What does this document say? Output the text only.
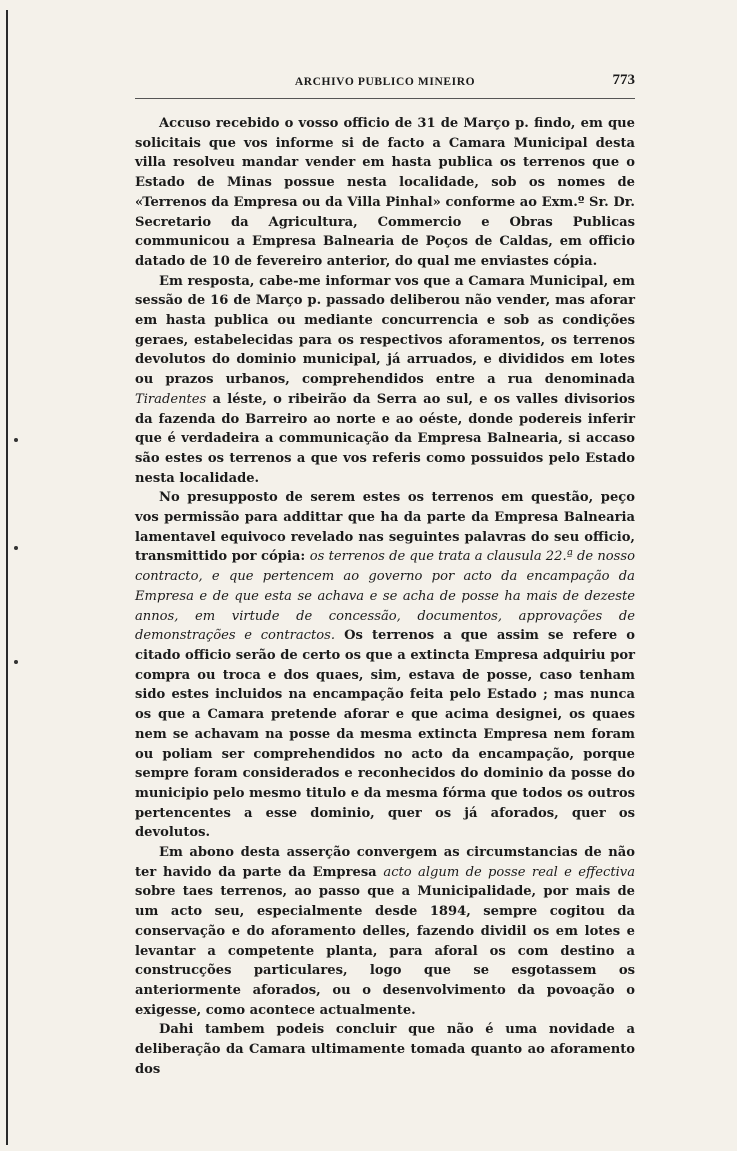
ARCHIVO PUBLICO MINEIRO	773

Accuso recebido o vosso officio de 31 de Março p. findo, em que solicitais que vos informe si de facto a Camara Municipal desta villa resolveu mandar vender em hasta publica os terrenos que o Estado de Minas possue nesta localidade, sob os nomes de «Terrenos da Empresa ou da Villa Pinhal» conforme ao Exm.º Sr. Dr. Secretario da Agricultura, Commercio e Obras Publicas communicou a Empresa Balnearia de Poços de Caldas, em officio datado de 10 de fevereiro anterior, do qual me enviastes cópia.

Em resposta, cabe-me informar vos que a Camara Municipal, em sessão de 16 de Março p. passado deliberou não vender, mas aforar em hasta publica ou mediante concurrencia e sob as condições geraes, estabelecidas para os respectivos aforamentos, os terrenos devolutos do dominio municipal, já arruados, e divididos em lotes ou prazos urbanos, comprehendidos entre a rua denominada Tiradentes a léste, o ribeirão da Serra ao sul, e os valles divisorios da fazenda do Barreiro ao norte e ao oéste, donde podereis inferir que é verdadeira a communicação da Empresa Balnearia, si accaso são estes os terrenos a que vos referis como possuidos pelo Estado nesta localidade.

No presupposto de serem estes os terrenos em questão, peço vos permissão para addittar que ha da parte da Empresa Balnearia lamentavel equivoco revelado nas seguintes palavras do seu officio, transmittido por cópia: os terrenos de que trata a clausula 22.ª de nosso contracto, e que pertencem ao governo por acto da encampação da Empresa e de que esta se achava e se acha de posse ha mais de dezeste annos, em virtude de concessão, documentos, approvações de demonstrações e contractos. Os terrenos a que assim se refere o citado officio serão de certo os que a extincta Empresa adquiriu por compra ou troca e dos quaes, sim, estava de posse, caso tenham sido estes incluidos na encampação feita pelo Estado ; mas nunca os que a Camara pretende aforar e que acima designei, os quaes nem se achavam na posse da mesma extincta Empresa nem foram ou poliam ser comprehendidos no acto da encampação, porque sempre foram considerados e reconhecidos do dominio da posse do municipio pelo mesmo titulo e da mesma fórma que todos os outros pertencentes a esse dominio, quer os já aforados, quer os devolutos.

Em abono desta asserção convergem as circumstancias de não ter havido da parte da Empresa acto algum de posse real e effectiva sobre taes terrenos, ao passo que a Municipalidade, por mais de um acto seu, especialmente desde 1894, sempre cogitou da conservação e do aforamento delles, fazendo dividil os em lotes e levantar a competente planta, para aforal os com destino a construcções particulares, logo que se esgotassem os anteriormente aforados, ou o desenvolvimento da povoação o exigesse, como acontece actualmente.

Dahi tambem podeis concluir que não é uma novidade a deliberação da Camara ultimamente tomada quanto ao aforamento dos
